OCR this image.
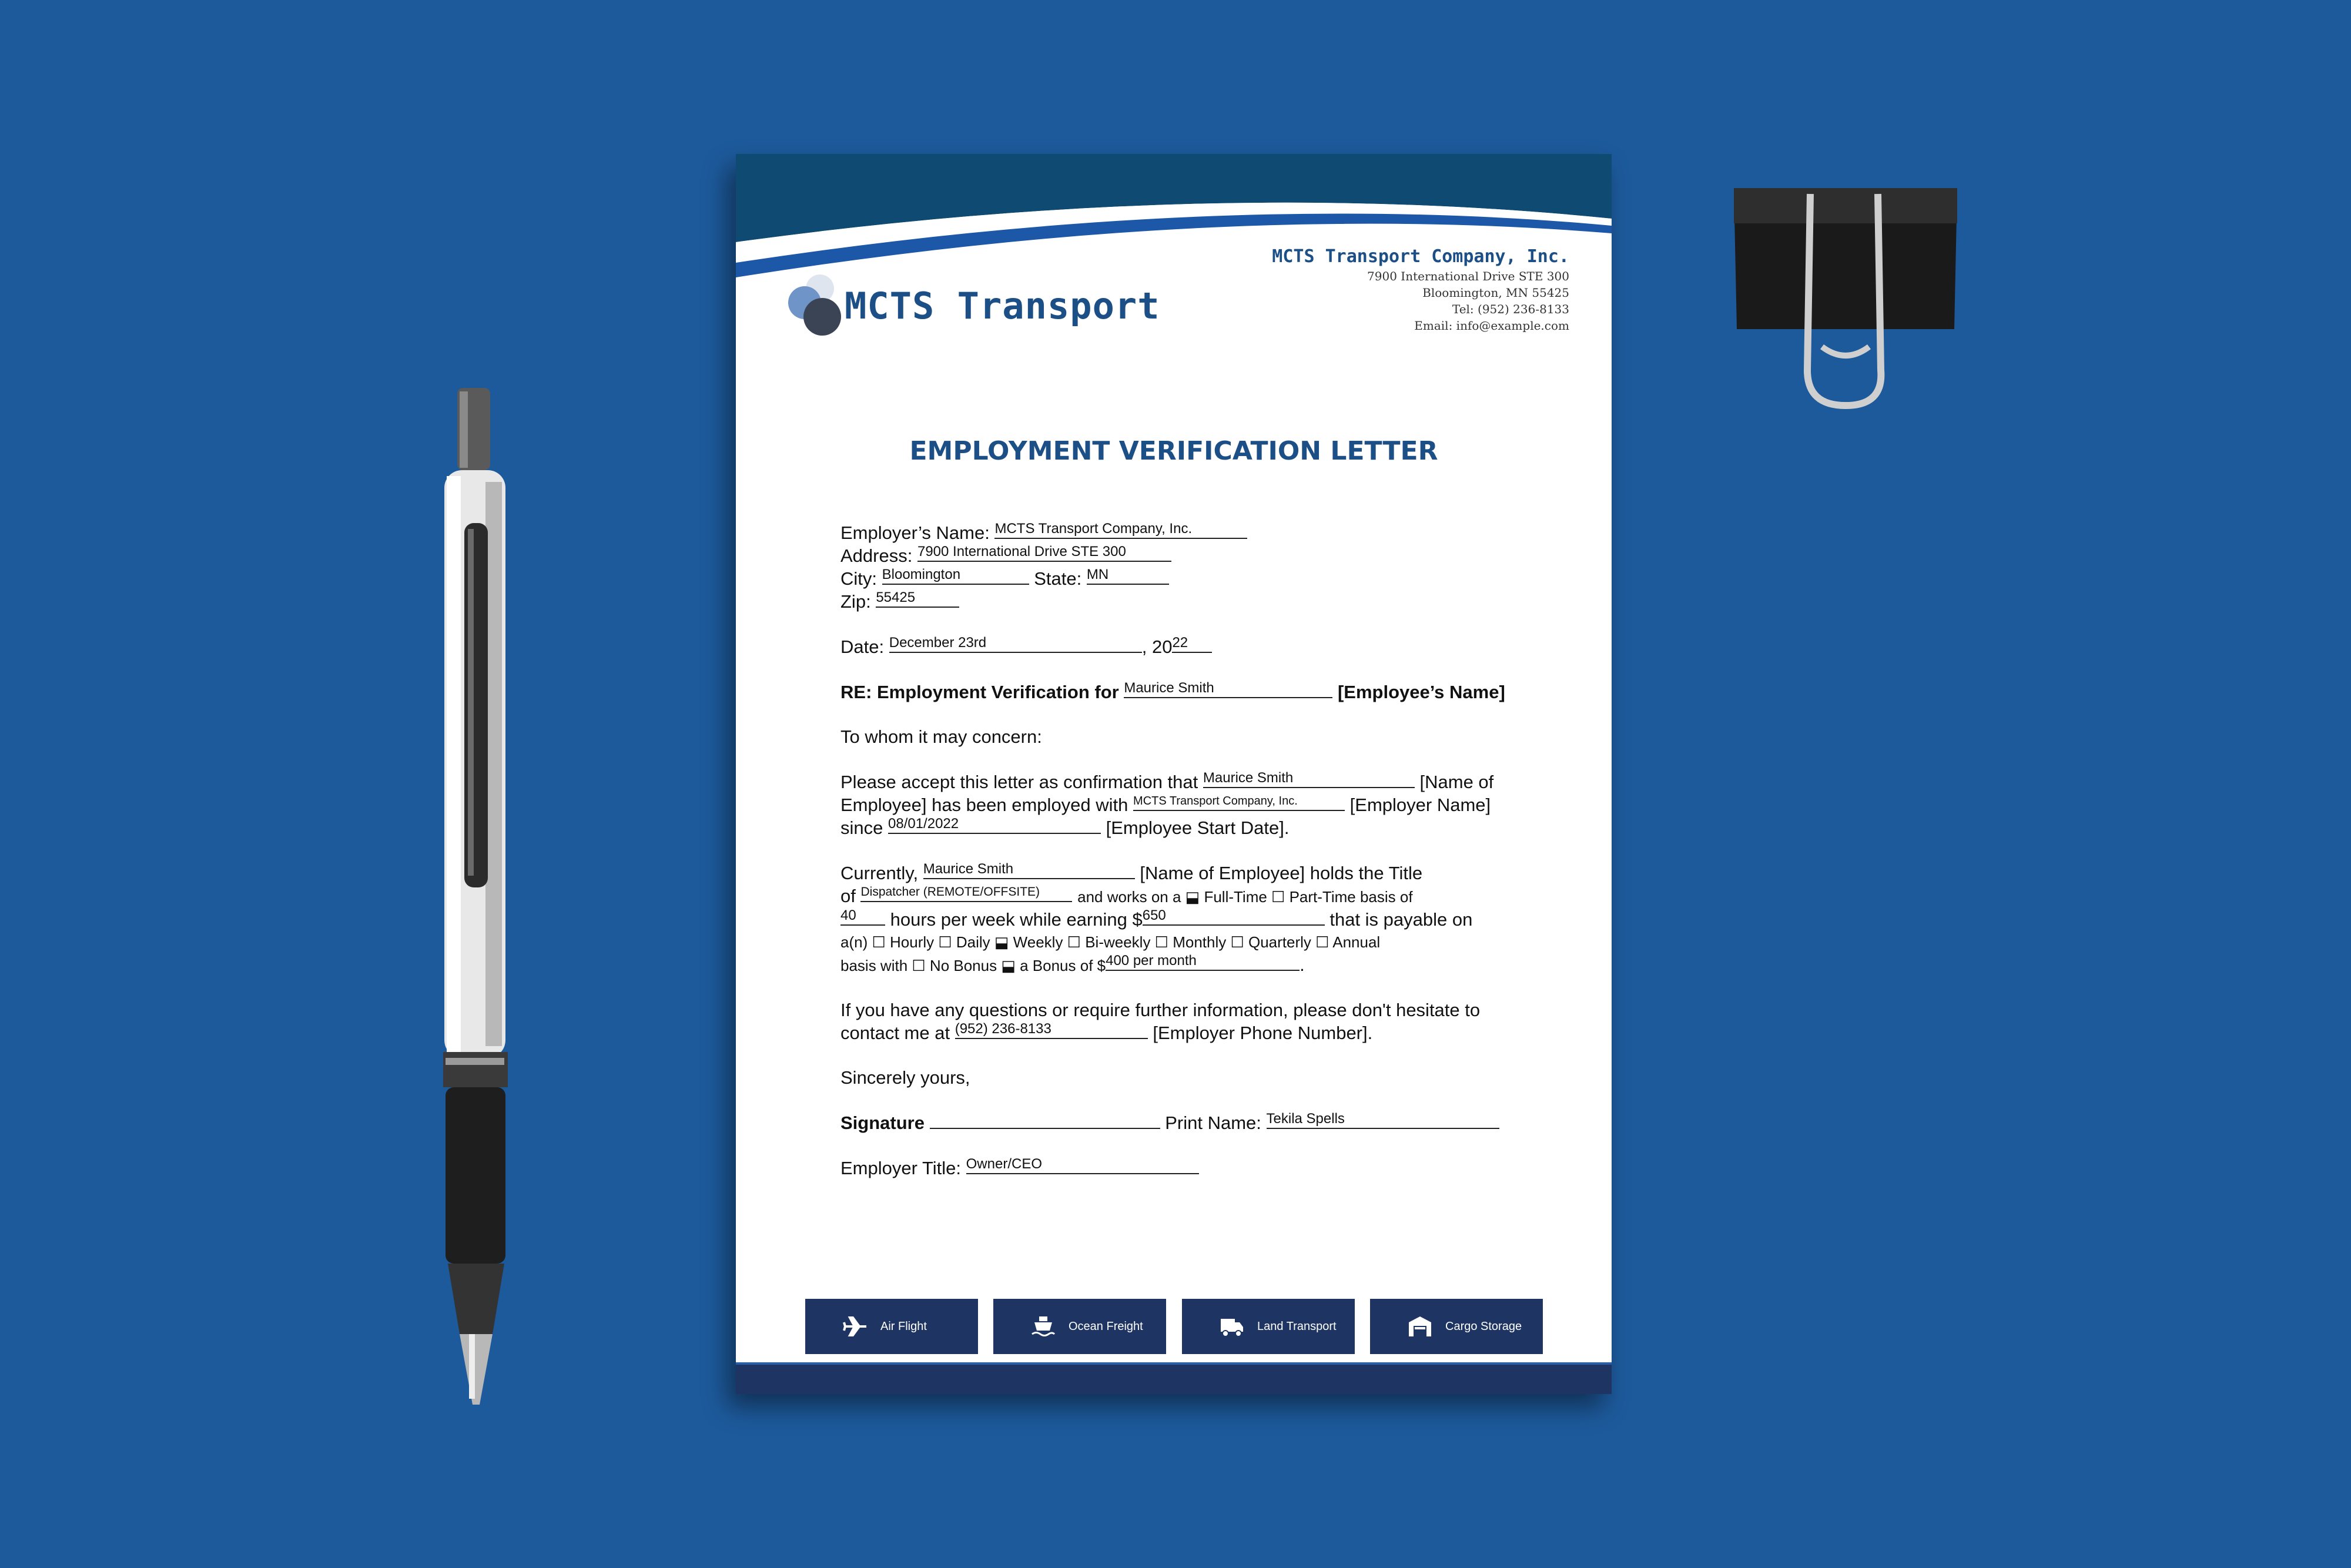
MCTS Transport
MCTS Transport Company, Inc.
7900 International Drive STE 300
Bloomington, MN 55425
Tel: (952) 236-8133
Email: info@example.com
EMPLOYMENT VERIFICATION LETTER
Employer’s Name: MCTS Transport Company, Inc.
Address: 7900 International Drive STE 300
City: Bloomington	State: MN
Zip: 55425
Date: December 23rd	, 2022
RE: Employment Verification for Maurice Smith	[Employee’s Name]
To whom it may concern:
Please accept this letter as confirmation that Maurice Smith	[Name of
Employee] has been employed with MCTS Transport Company, Inc.	[Employer Name]
since 08/01/2022	[Employee Start Date].
Currently, Maurice Smith	[Name of Employee] holds the Title
of Dispatcher (REMOTE/OFFSITE) and works on a ⬓ Full-Time ☐ Part-Time basis of
40 hours per week while earning $650	that is payable on
a(n) ☐ Hourly ☐ Daily ⬓ Weekly ☐ Bi-weekly ☐ Monthly ☐ Quarterly ☐ Annual
basis with ☐ No Bonus ⬓ a Bonus of $400 per month	.
If you have any questions or require further information, please don't hesitate to
contact me at (952) 236-8133	[Employer Phone Number].
Sincerely yours,
Signature	Print Name: Tekila Spells
Employer Title: Owner/CEO
Air Flight	Ocean Freight	Land Transport	Cargo Storage
